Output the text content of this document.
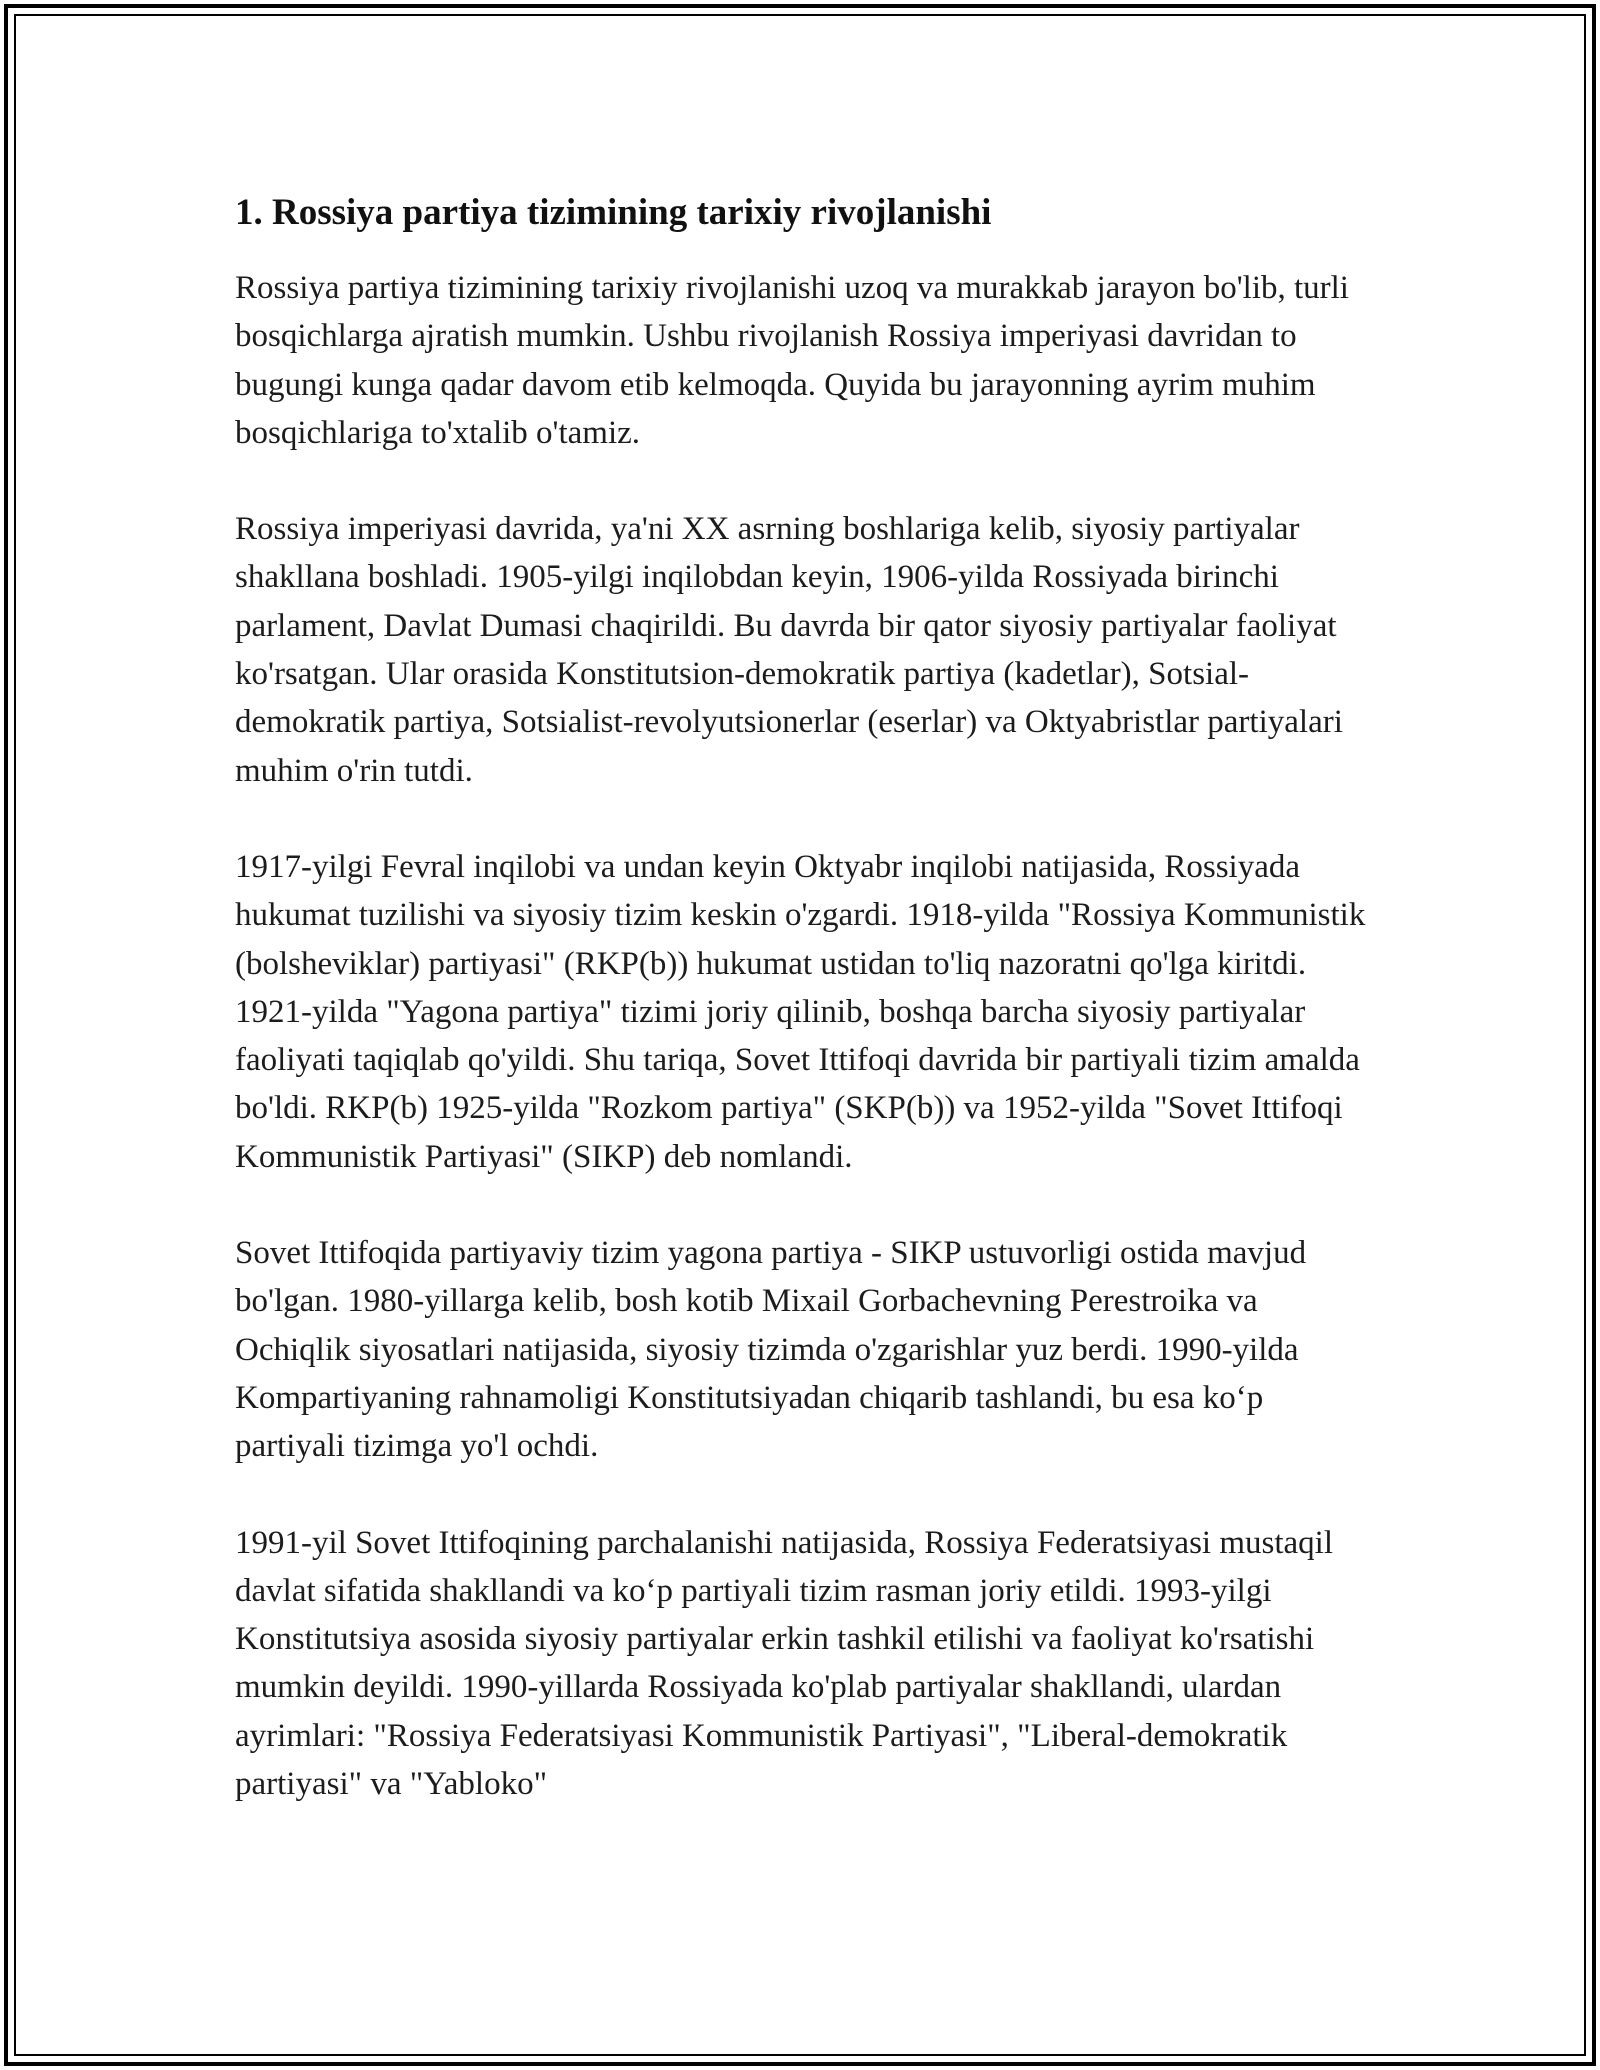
1. Rossiya partiya tizimining tarixiy rivojlanishi

Rossiya partiya tizimining tarixiy rivojlanishi uzoq va murakkab jarayon bo'lib, turli bosqichlarga ajratish mumkin. Ushbu rivojlanish Rossiya imperiyasi davridan to bugungi kunga qadar davom etib kelmoqda. Quyida bu jarayonning ayrim muhim bosqichlariga to'xtalib o'tamiz.

Rossiya imperiyasi davrida, ya'ni XX asrning boshlariga kelib, siyosiy partiyalar shakllana boshladi. 1905-yilgi inqilobdan keyin, 1906-yilda Rossiyada birinchi parlament, Davlat Dumasi chaqirildi. Bu davrda bir qator siyosiy partiyalar faoliyat ko'rsatgan. Ular orasida Konstitutsion-demokratik partiya (kadetlar), Sotsial-demokratik partiya, Sotsialist-revolyutsionerlar (eserlar) va Oktyabristlar partiyalari muhim o'rin tutdi.

1917-yilgi Fevral inqilobi va undan keyin Oktyabr inqilobi natijasida, Rossiyada hukumat tuzilishi va siyosiy tizim keskin o'zgardi. 1918-yilda "Rossiya Kommunistik (bolsheviklar) partiyasi" (RKP(b)) hukumat ustidan to'liq nazoratni qo'lga kiritdi. 1921-yilda "Yagona partiya" tizimi joriy qilinib, boshqa barcha siyosiy partiyalar faoliyati taqiqlab qo'yildi. Shu tariqa, Sovet Ittifoqi davrida bir partiyali tizim amalda bo'ldi. RKP(b) 1925-yilda "Rozkom partiya" (SKP(b)) va 1952-yilda "Sovet Ittifoqi Kommunistik Partiyasi" (SIKP) deb nomlandi.

Sovet Ittifoqida partiyaviy tizim yagona partiya - SIKP ustuvorligi ostida mavjud bo'lgan. 1980-yillarga kelib, bosh kotib Mixail Gorbachevning Perestroika va Ochiqlik siyosatlari natijasida, siyosiy tizimda o'zgarishlar yuz berdi. 1990-yilda Kompartiyaning rahnamoligi Konstitutsiyadan chiqarib tashlandi, bu esa ko‘p partiyali tizimga yo'l ochdi.

1991-yil Sovet Ittifoqining parchalanishi natijasida, Rossiya Federatsiyasi mustaqil davlat sifatida shakllandi va ko‘p partiyali tizim rasman joriy etildi. 1993-yilgi Konstitutsiya asosida siyosiy partiyalar erkin tashkil etilishi va faoliyat ko'rsatishi mumkin deyildi. 1990-yillarda Rossiyada ko'plab partiyalar shakllandi, ulardan ayrimlari: "Rossiya Federatsiyasi Kommunistik Partiyasi", "Liberal-demokratik partiyasi" va "Yabloko"
